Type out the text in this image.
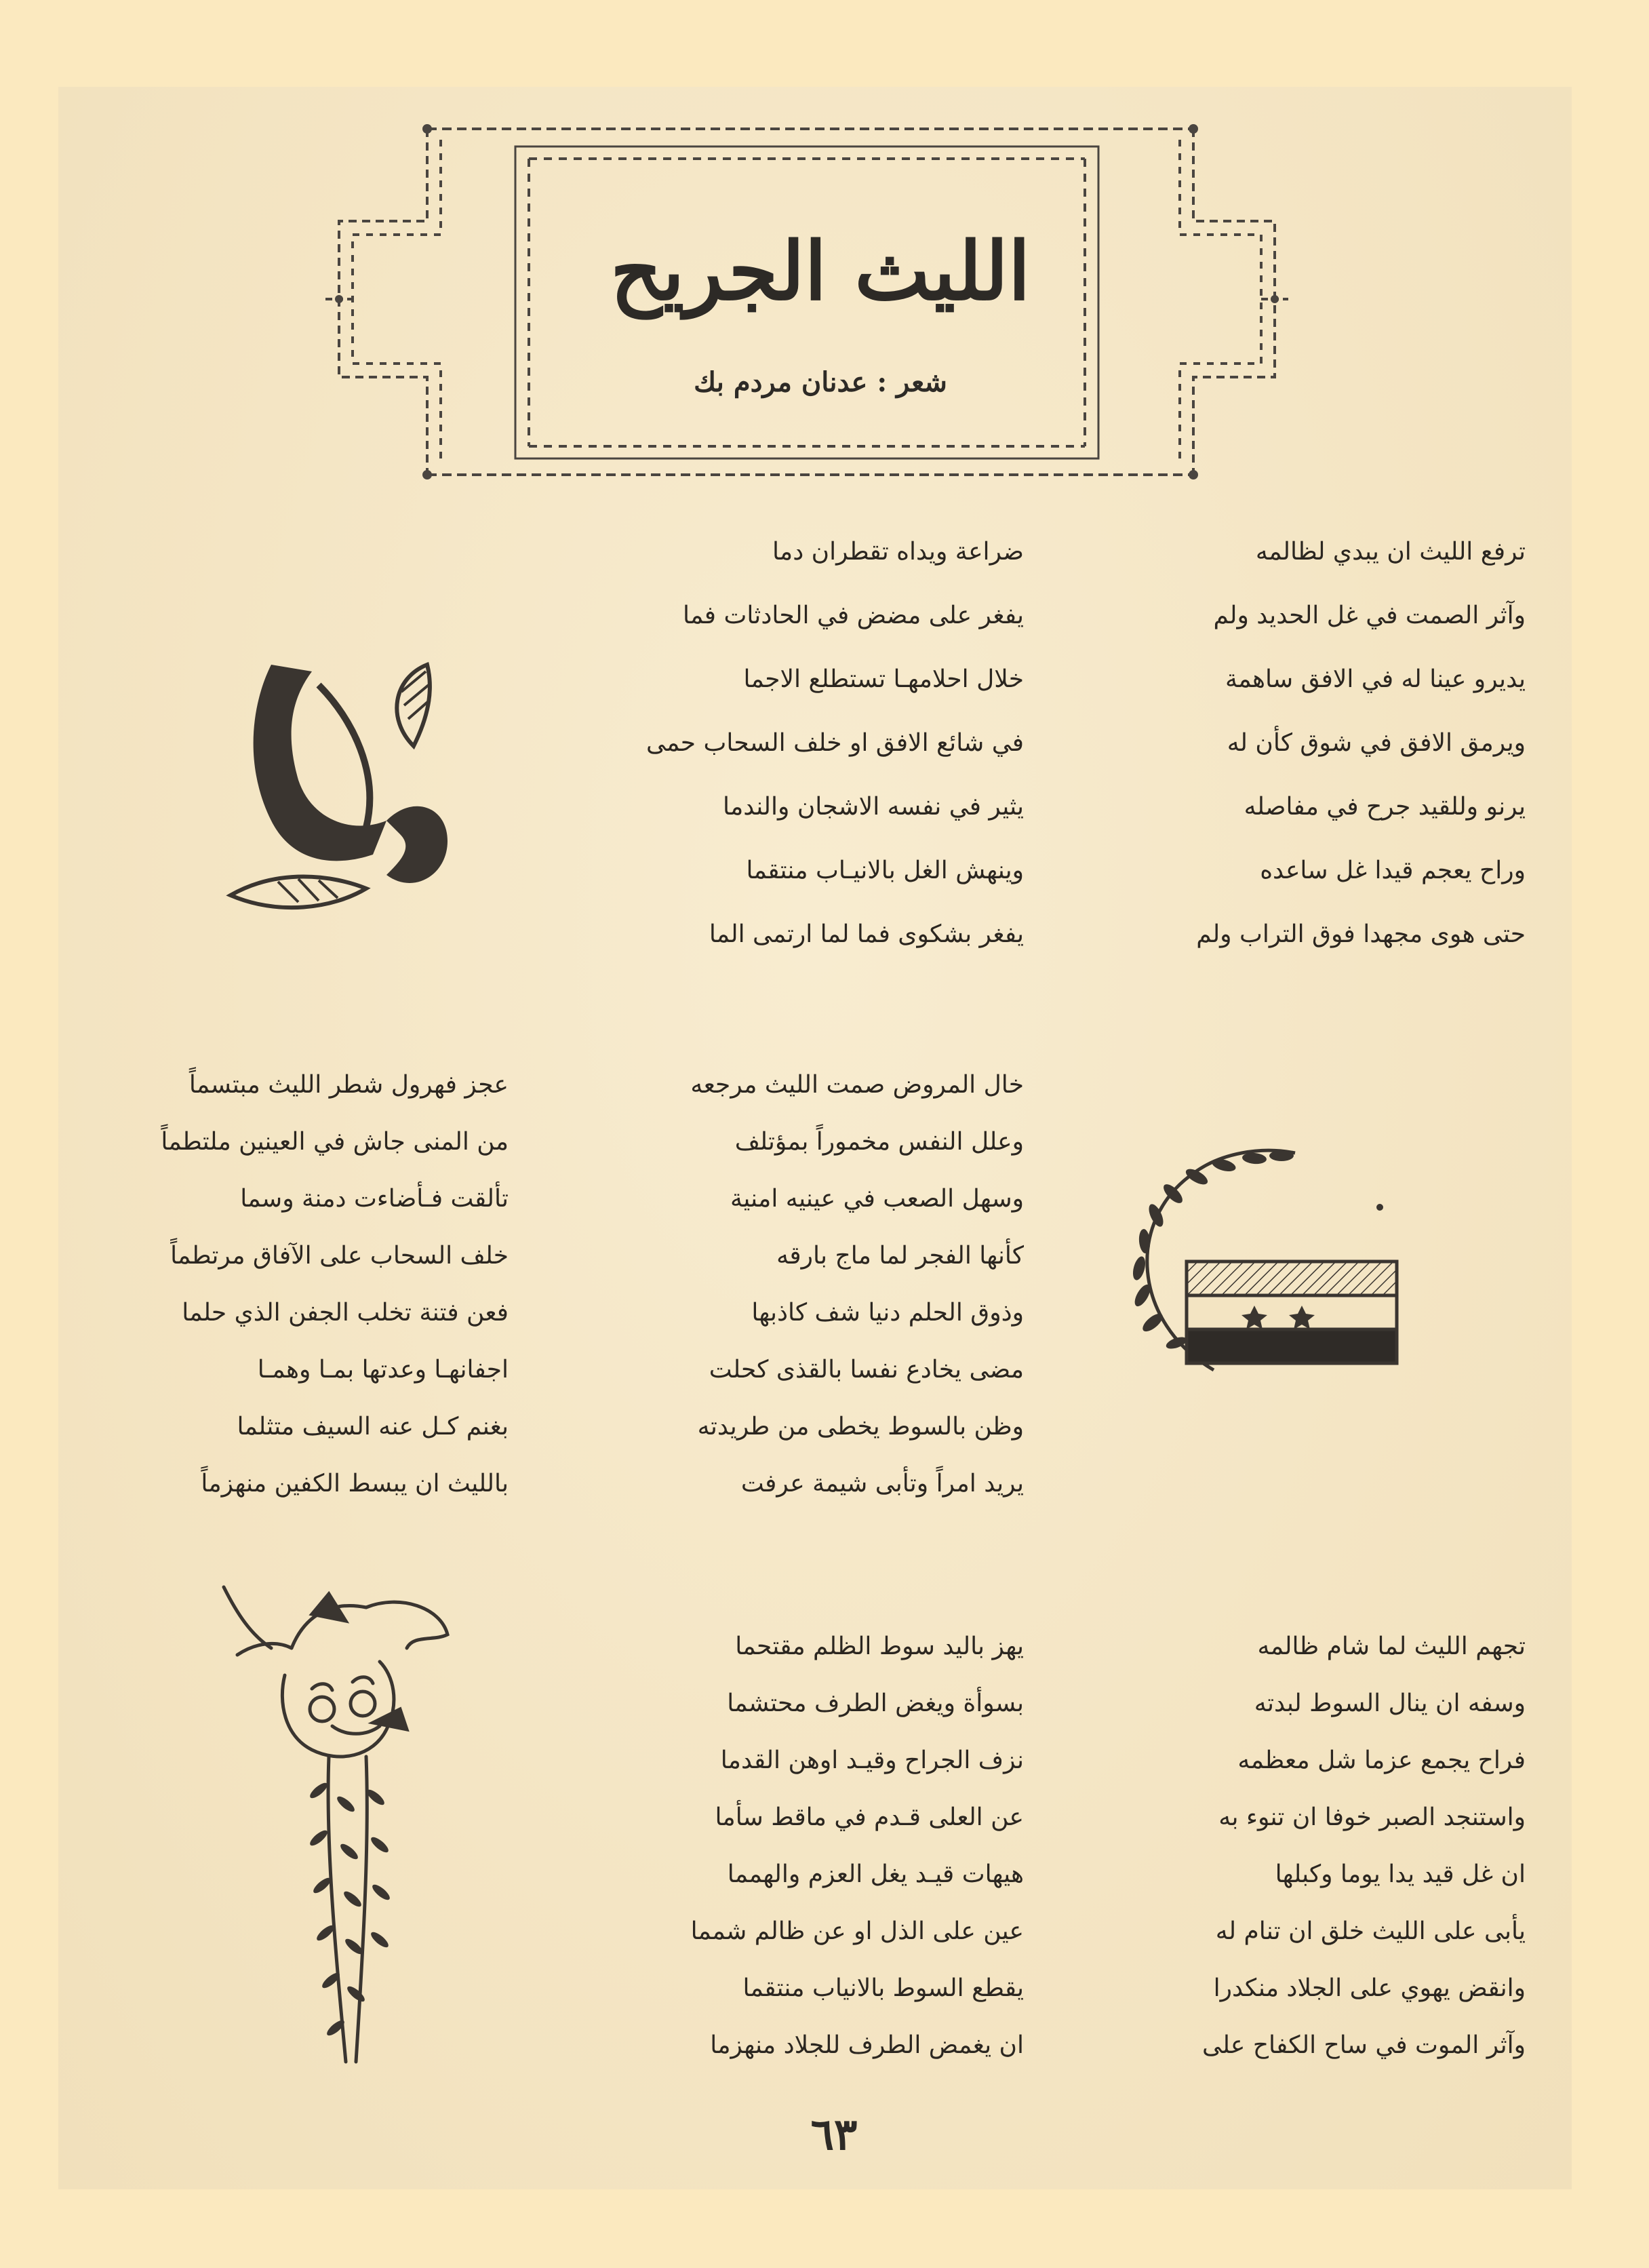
الليث الجريح
شعر : عدنان مردم بك
ترفع الليث ان يبدي لظالمه
وآثر الصمت في غل الحديد ولم
يديرو عينا له في الافق ساهمة
ويرمق الافق في شوق كأن له
يرنو وللقيد جرح في مفاصله
وراح يعجم قيدا غل ساعده
حتى هوى مجهدا فوق التراب ولم
ضراعة ويداه تقطران دما
يفغر على مضض في الحادثات فما
خلال احلامهـا تستطلع الاجما
في شائع الافق او خلف السحاب حمى
يثير في نفسه الاشجان والندما
وينهش الغل بالانيـاب منتقما
يفغر بشكوى فما لما ارتمى الما
خال المروض صمت الليث مرجعه
وعلل النفس مخموراً بمؤتلف
وسهل الصعب في عينيه امنية
كأنها الفجر لما ماج بارقه
وذوق الحلم دنيا شف كاذبها
مضى يخادع نفسا بالقذى كحلت
وظن بالسوط يخطى من طريدته
يريد امراً وتأبى شيمة عرفت
عجز فهرول شطر الليث مبتسماً
من المنى جاش في العينين ملتطماً
تألقت فـأضاءت دمنة وسما
خلف السحاب على الآفاق مرتطماً
فعن فتنة تخلب الجفن الذي حلما
اجفانهـا وعدتها بمـا وهمـا
بغنم كـل عنه السيف متثلما
بالليث ان يبسط الكفين منهزماً
تجهم الليث لما شام ظالمه
وسفه ان ينال السوط لبدته
فراح يجمع عزما شل معظمه
واستنجد الصبر خوفا ان تنوء به
ان غل قيد يدا يوما وكبلها
يأبى على الليث خلق ان تنام له
وانقض يهوي على الجلاد منكدرا
وآثر الموت في ساح الكفاح على
يهز باليد سوط الظلم مقتحما
بسوأة ويغض الطرف محتشما
نزف الجراح وقيـد اوهن القدما
عن العلى قـدم في ماقط سأما
هيهات قيـد يغل العزم والهمما
عين على الذل او عن ظالم شمما
يقطع السوط بالانياب منتقما
ان يغمض الطرف للجلاد منهزما
٦٣
